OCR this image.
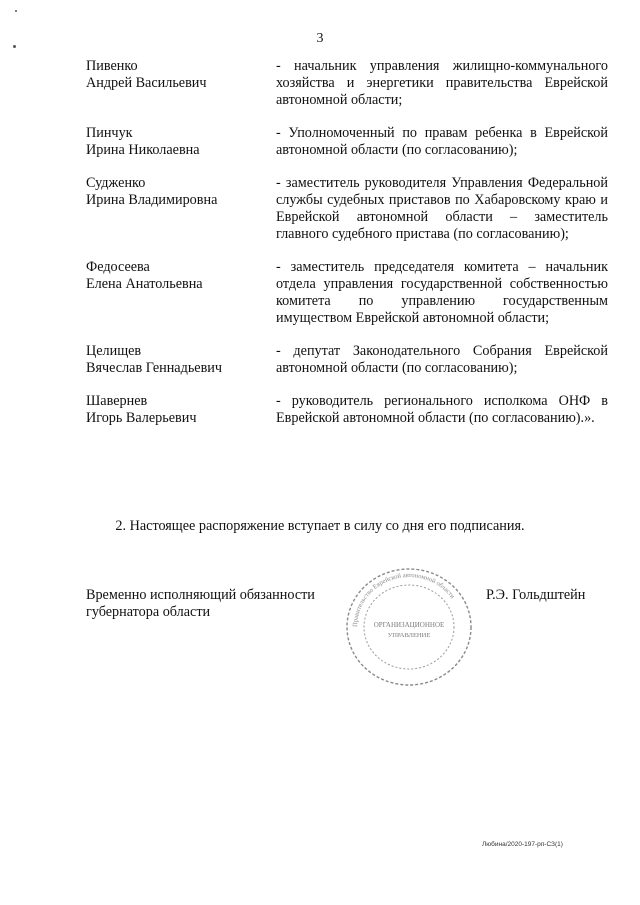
3
Пивенко
Андрей Васильевич
- начальник управления жилищно-коммунального хозяйства и энергетики правительства Еврейской автономной области;
Пинчук
Ирина Николаевна
- Уполномоченный по правам ребенка в Еврейской автономной области (по согласованию);
Судженко
Ирина Владимировна
- заместитель руководителя Управления Федеральной службы судебных приставов по Хабаровскому краю и Еврейской автономной области – заместитель главного судебного пристава (по согласованию);
Федосеева
Елена Анатольевна
- заместитель председателя комитета – начальник отдела управления государственной собственностью комитета по управлению государственным имуществом Еврейской автономной области;
Целищев
Вячеслав Геннадьевич
- депутат Законодательного Собрания Еврейской автономной области (по согласованию);
Шавернев
Игорь Валерьевич
- руководитель регионального исполкома ОНФ в Еврейской автономной области (по согласованию).».
2. Настоящее распоряжение вступает в силу со дня его подписания.
Временно исполняющий обязанности
губернатора области
Правительство Еврейской автономной области
ОРГАНИЗАЦИОННОЕ
УПРАВЛЕНИЕ
Р.Э. Гольдштейн
Любина/2020-197-рп-СЗ(1)
